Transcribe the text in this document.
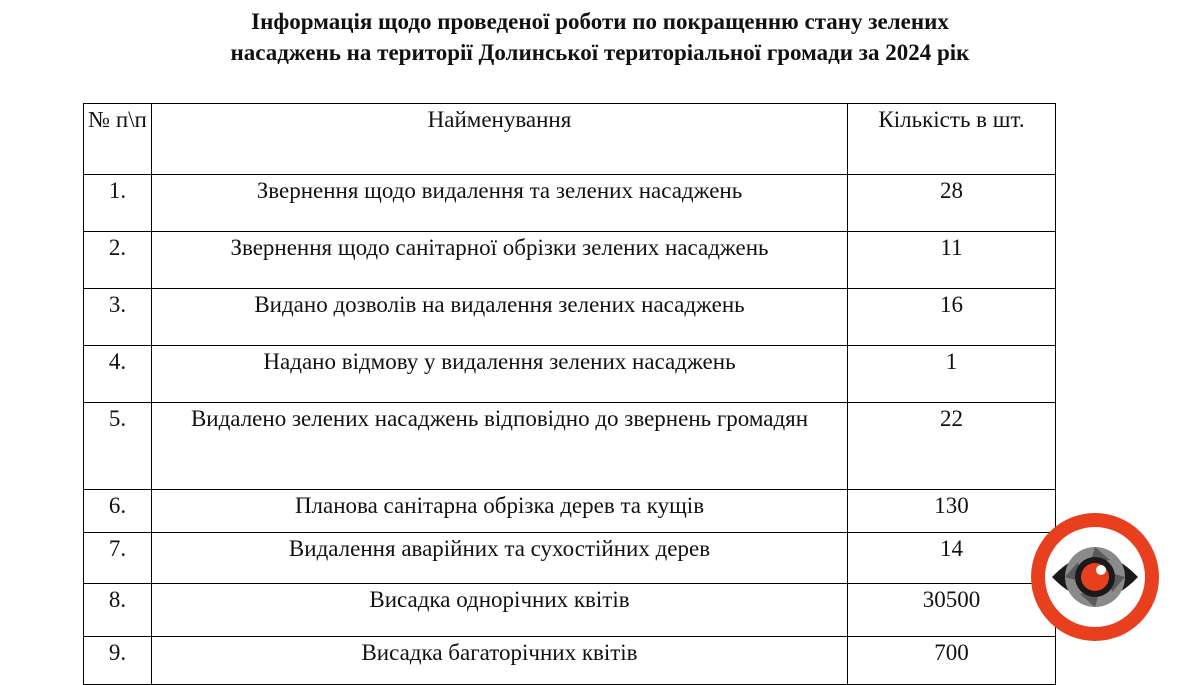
Інформація щодо проведеної роботи по покращенню стану зелених
насаджень на території Долинської територіальної громади за 2024 рік
№ п\п	Найменування	Кількість в шт.
1.	Звернення щодо видалення та зелених насаджень	28
2.	Звернення щодо санітарної обрізки зелених насаджень	11
3.	Видано дозволів на видалення зелених насаджень	16
4.	Надано відмову у видалення зелених насаджень	1
5.	Видалено зелених насаджень відповідно до звернень громадян	22
6.	Планова санітарна обрізка дерев та кущів	130
7.	Видалення аварійних та сухостійних дерев	14
8.	Висадка однорічних квітів	30500
9.	Висадка багаторічних квітів	700
